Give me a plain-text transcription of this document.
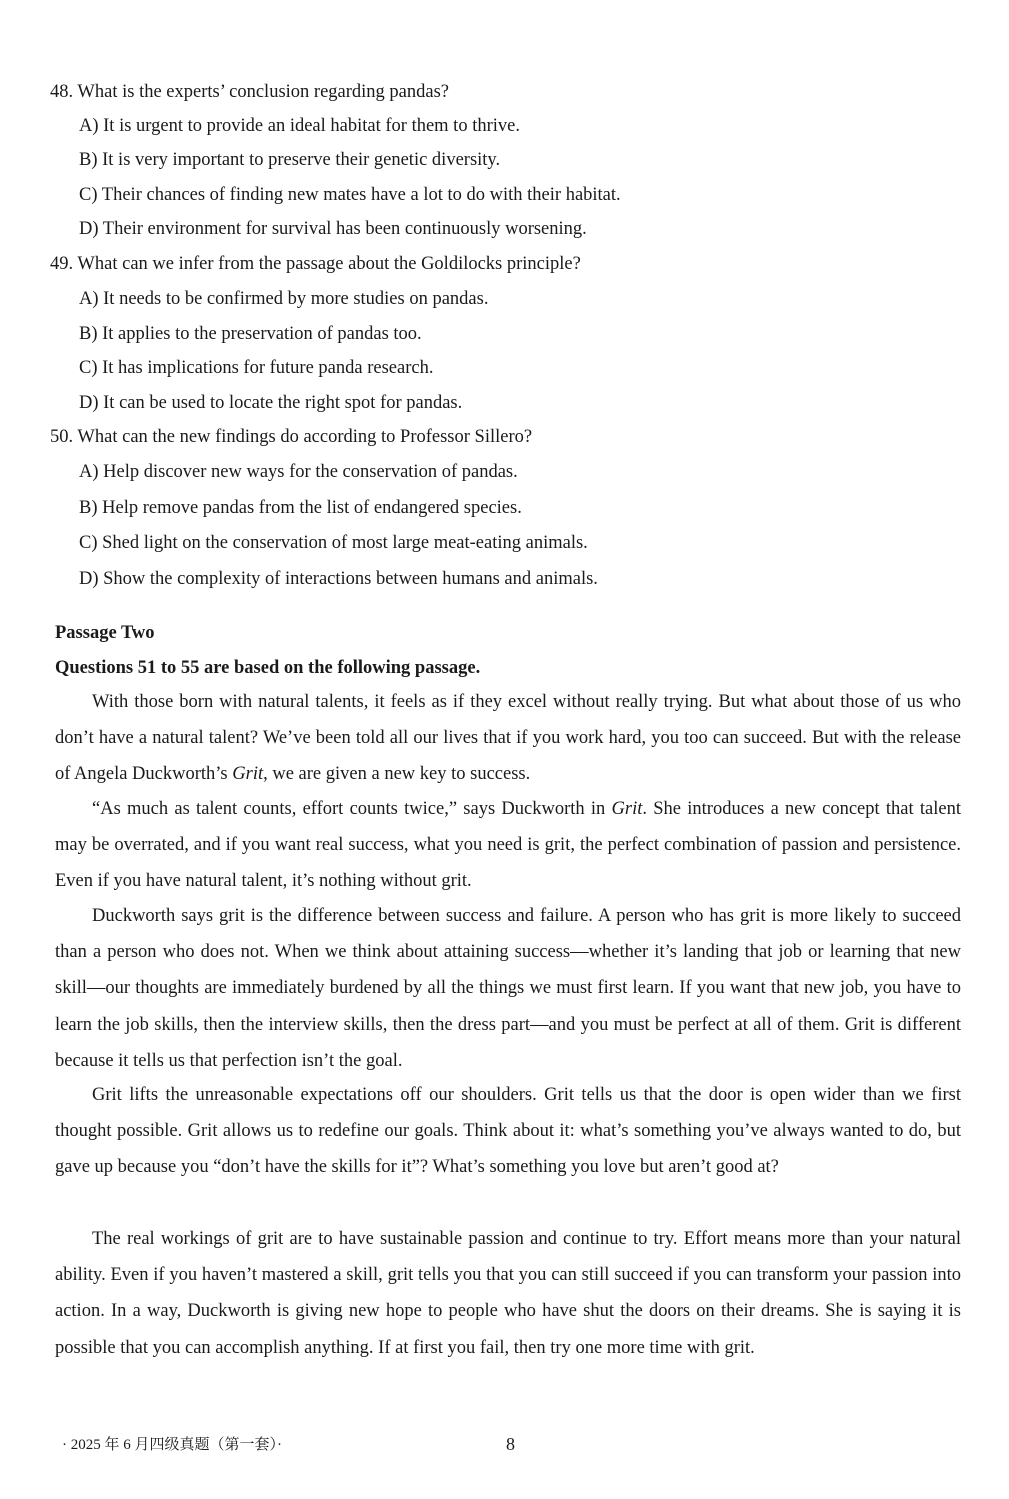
48. What is the experts’ conclusion regarding pandas?
A) It is urgent to provide an ideal habitat for them to thrive.
B) It is very important to preserve their genetic diversity.
C) Their chances of finding new mates have a lot to do with their habitat.
D) Their environment for survival has been continuously worsening.
49. What can we infer from the passage about the Goldilocks principle?
A) It needs to be confirmed by more studies on pandas.
B) It applies to the preservation of pandas too.
C) It has implications for future panda research.
D) It can be used to locate the right spot for pandas.
50. What can the new findings do according to Professor Sillero?
A) Help discover new ways for the conservation of pandas.
B) Help remove pandas from the list of endangered species.
C) Shed light on the conservation of most large meat-eating animals.
D) Show the complexity of interactions between humans and animals.
Passage Two
Questions 51 to 55 are based on the following passage.
With those born with natural talents, it feels as if they excel without really trying. But what about those of us who don’t have a natural talent? We’ve been told all our lives that if you work hard, you too can succeed. But with the release of Angela Duckworth’s Grit, we are given a new key to success.
“As much as talent counts, effort counts twice,” says Duckworth in Grit. She introduces a new concept that talent may be overrated, and if you want real success, what you need is grit, the perfect combination of passion and persistence. Even if you have natural talent, it’s nothing without grit.
Duckworth says grit is the difference between success and failure. A person who has grit is more likely to succeed than a person who does not. When we think about attaining success—whether it’s landing that job or learning that new skill—our thoughts are immediately burdened by all the things we must first learn. If you want that new job, you have to learn the job skills, then the interview skills, then the dress part—and you must be perfect at all of them. Grit is different because it tells us that perfection isn’t the goal.
Grit lifts the unreasonable expectations off our shoulders. Grit tells us that the door is open wider than we first thought possible. Grit allows us to redefine our goals. Think about it: what’s something you’ve always wanted to do, but gave up because you “don’t have the skills for it”? What’s something you love but aren’t good at?
The real workings of grit are to have sustainable passion and continue to try. Effort means more than your natural ability. Even if you haven’t mastered a skill, grit tells you that you can still succeed if you can transform your passion into action. In a way, Duckworth is giving new hope to people who have shut the doors on their dreams. She is saying it is possible that you can accomplish anything. If at first you fail, then try one more time with grit.
· 2025 年 6 月四级真题（第一套）·	8
